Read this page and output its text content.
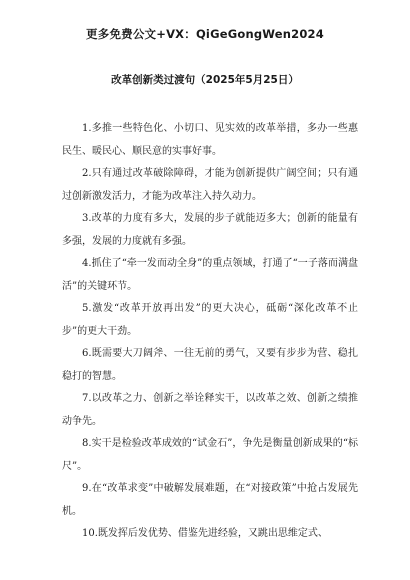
更多免费公文+VX：QiGeGongWen2024
改革创新类过渡句（2025年5月25日）

1.多推一些特色化、小切口、见实效的改革举措，多办一些惠民生、暖民心、顺民意的实事好事。

2.只有通过改革破除障碍，才能为创新提供广阔空间；只有通过创新激发活力，才能为改革注入持久动力。

3.改革的力度有多大，发展的步子就能迈多大；创新的能量有多强，发展的力度就有多强。

4.抓住了“牵一发而动全身”的重点领域，打通了“一子落而满盘活”的关键环节。

5.激发“改革开放再出发”的更大决心，砥砺“深化改革不止步”的更大干劲。

6.既需要大刀阔斧、一往无前的勇气，又要有步步为营、稳扎稳打的智慧。

7.以改革之力、创新之举诠释实干，以改革之效、创新之绩推动争先。

8.实干是检验改革成效的“试金石”，争先是衡量创新成果的“标尺”。

9.在“改革求变”中破解发展难题，在“对接政策”中抢占发展先机。

10.既发挥后发优势、借鉴先进经验，又跳出思维定式、
